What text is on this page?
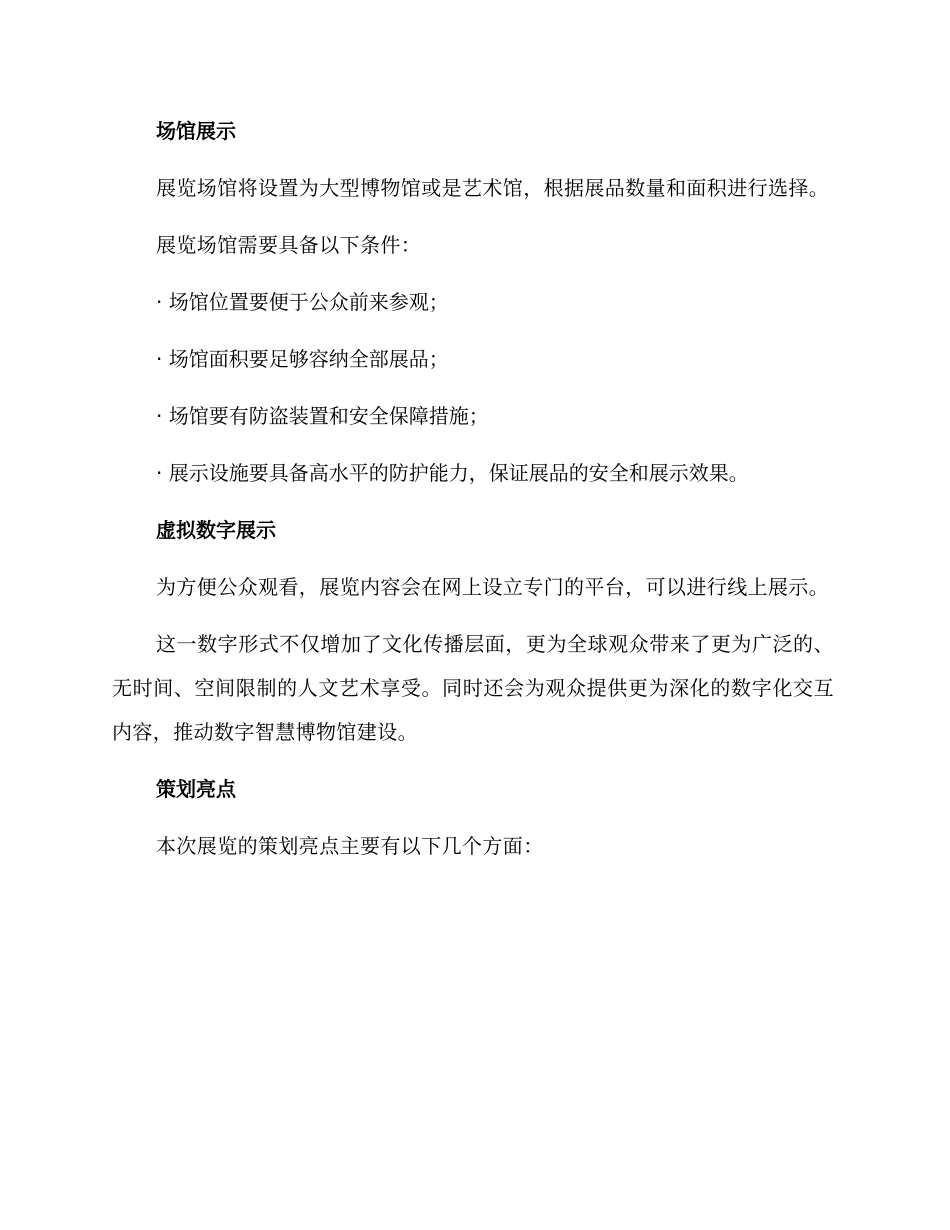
场馆展示

展览场馆将设置为大型博物馆或是艺术馆，根据展品数量和面积进行选择。

展览场馆需要具备以下条件：

· 场馆位置要便于公众前来参观；
· 场馆面积要足够容纳全部展品；
· 场馆要有防盗装置和安全保障措施；
· 展示设施要具备高水平的防护能力，保证展品的安全和展示效果。
虚拟数字展示

为方便公众观看，展览内容会在网上设立专门的平台，可以进行线上展示。

这一数字形式不仅增加了文化传播层面，更为全球观众带来了更为广泛的、无时间、空间限制的人文艺术享受。同时还会为观众提供更为深化的数字化交互内容，推动数字智慧博物馆建设。

策划亮点

本次展览的策划亮点主要有以下几个方面：
